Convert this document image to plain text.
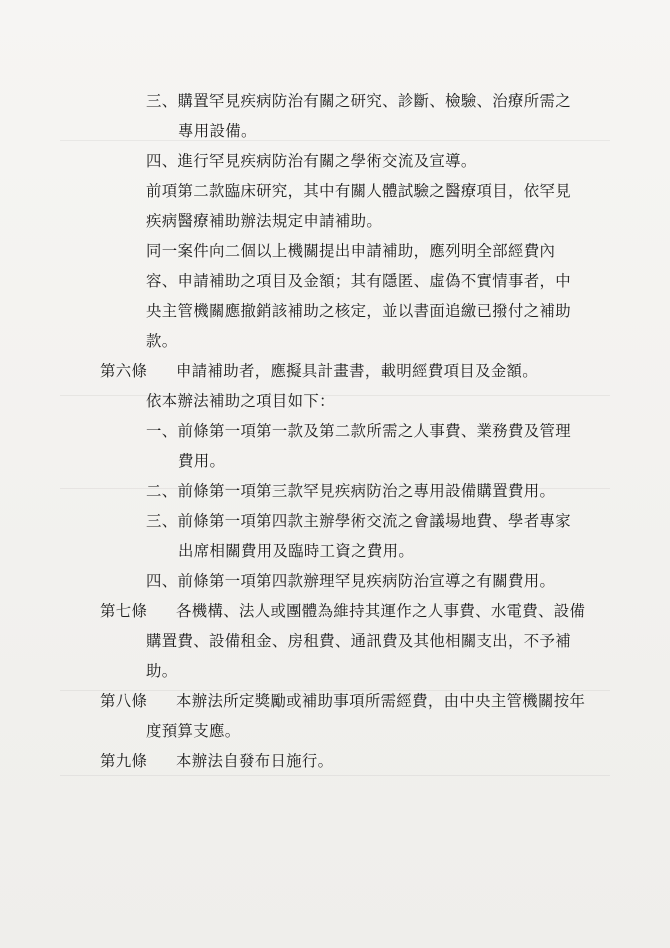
三、購置罕見疾病防治有關之研究、診斷、檢驗、治療所需之
專用設備。
四、進行罕見疾病防治有關之學術交流及宣導。
前項第二款臨床研究，其中有關人體試驗之醫療項目，依罕見
疾病醫療補助辦法規定申請補助。
同一案件向二個以上機關提出申請補助，應列明全部經費內
容、申請補助之項目及金額；其有隱匿、虛偽不實情事者，中
央主管機關應撤銷該補助之核定，並以書面追繳已撥付之補助
款。
第六條 申請補助者，應擬具計畫書，載明經費項目及金額。
依本辦法補助之項目如下：
一、前條第一項第一款及第二款所需之人事費、業務費及管理
費用。
二、前條第一項第三款罕見疾病防治之專用設備購置費用。
三、前條第一項第四款主辦學術交流之會議場地費、學者專家
出席相關費用及臨時工資之費用。
四、前條第一項第四款辦理罕見疾病防治宣導之有關費用。
第七條 各機構、法人或團體為維持其運作之人事費、水電費、設備
購置費、設備租金、房租費、通訊費及其他相關支出，不予補
助。
第八條 本辦法所定獎勵或補助事項所需經費，由中央主管機關按年
度預算支應。
第九條 本辦法自發布日施行。
